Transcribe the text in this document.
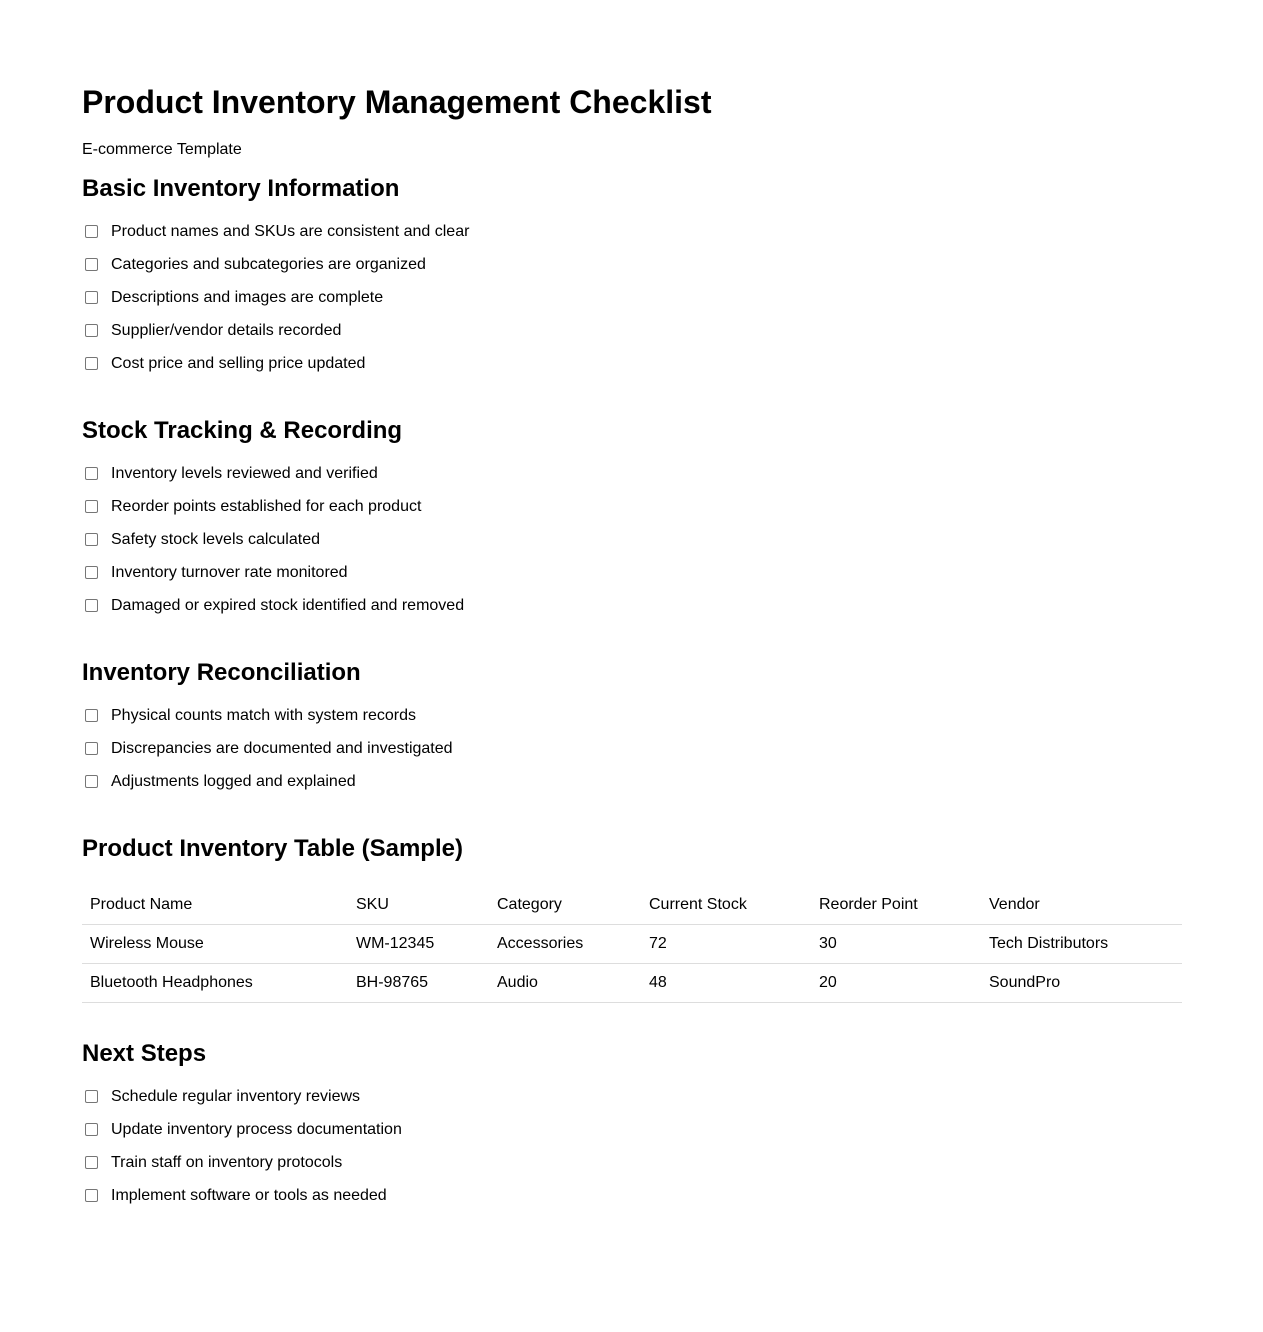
Product Inventory Management Checklist

E-commerce Template

Basic Inventory Information
Product names and SKUs are consistent and clear
Categories and subcategories are organized
Descriptions and images are complete
Supplier/vendor details recorded
Cost price and selling price updated
Stock Tracking & Recording
Inventory levels reviewed and verified
Reorder points established for each product
Safety stock levels calculated
Inventory turnover rate monitored
Damaged or expired stock identified and removed
Inventory Reconciliation
Physical counts match with system records
Discrepancies are documented and investigated
Adjustments logged and explained
Product Inventory Table (Sample)
Product Name	SKU	Category	Current Stock	Reorder Point	Vendor
Wireless Mouse	WM-12345	Accessories	72	30	Tech Distributors
Bluetooth Headphones	BH-98765	Audio	48	20	SoundPro
Next Steps
Schedule regular inventory reviews
Update inventory process documentation
Train staff on inventory protocols
Implement software or tools as needed
